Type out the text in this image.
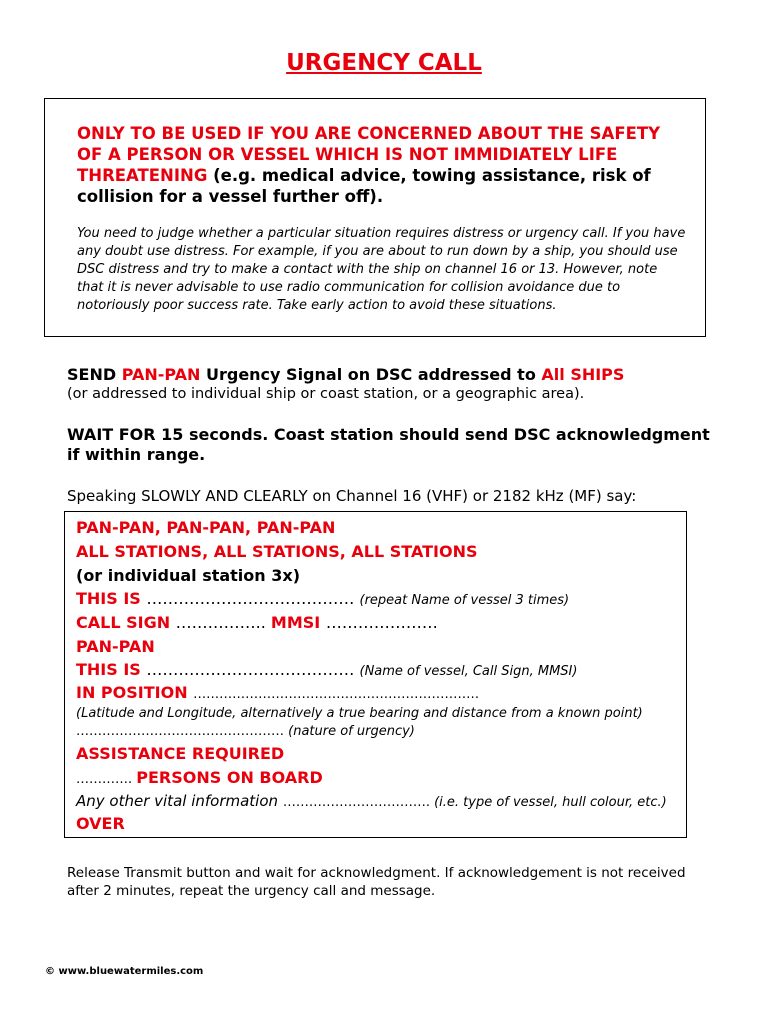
URGENCY CALL
ONLY TO BE USED IF YOU ARE CONCERNED ABOUT THE SAFETY OF A PERSON OR VESSEL WHICH IS NOT IMMIDIATELY LIFE THREATENING (e.g. medical advice, towing assistance, risk of collision for a vessel further off).
You need to judge whether a particular situation requires distress or urgency call. If you have any doubt use distress. For example, if you are about to run down by a ship, you should use DSC distress and try to make a contact with the ship on channel 16 or 13. However, note that it is never advisable to use radio communication for collision avoidance due to notoriously poor success rate. Take early action to avoid these situations.
SEND PAN-PAN Urgency Signal on DSC addressed to All SHIPS
(or addressed to individual ship or coast station, or a geographic area).
WAIT FOR 15 seconds. Coast station should send DSC acknowledgment if within range.
Speaking SLOWLY AND CLEARLY on Channel 16 (VHF) or 2182 kHz (MF) say:
PAN-PAN, PAN-PAN, PAN-PAN
ALL STATIONS, ALL STATIONS, ALL STATIONS
(or individual station 3x)
THIS IS ………………………………… (repeat Name of vessel 3 times)
CALL SIGN …………….. MMSI …………………
PAN-PAN
THIS IS ………………………………… (Name of vessel, Call Sign, MMSI)
IN POSITION …………………………………………………………
(Latitude and Longitude, alternatively a true bearing and distance from a known point)
………………………………………… (nature of urgency)
ASSISTANCE REQUIRED
…………. PERSONS ON BOARD
Any other vital information ……………………………. (i.e. type of vessel, hull colour, etc.)
OVER
Release Transmit button and wait for acknowledgment. If acknowledgement is not received after 2 minutes, repeat the urgency call and message.
© www.bluewatermiles.com
